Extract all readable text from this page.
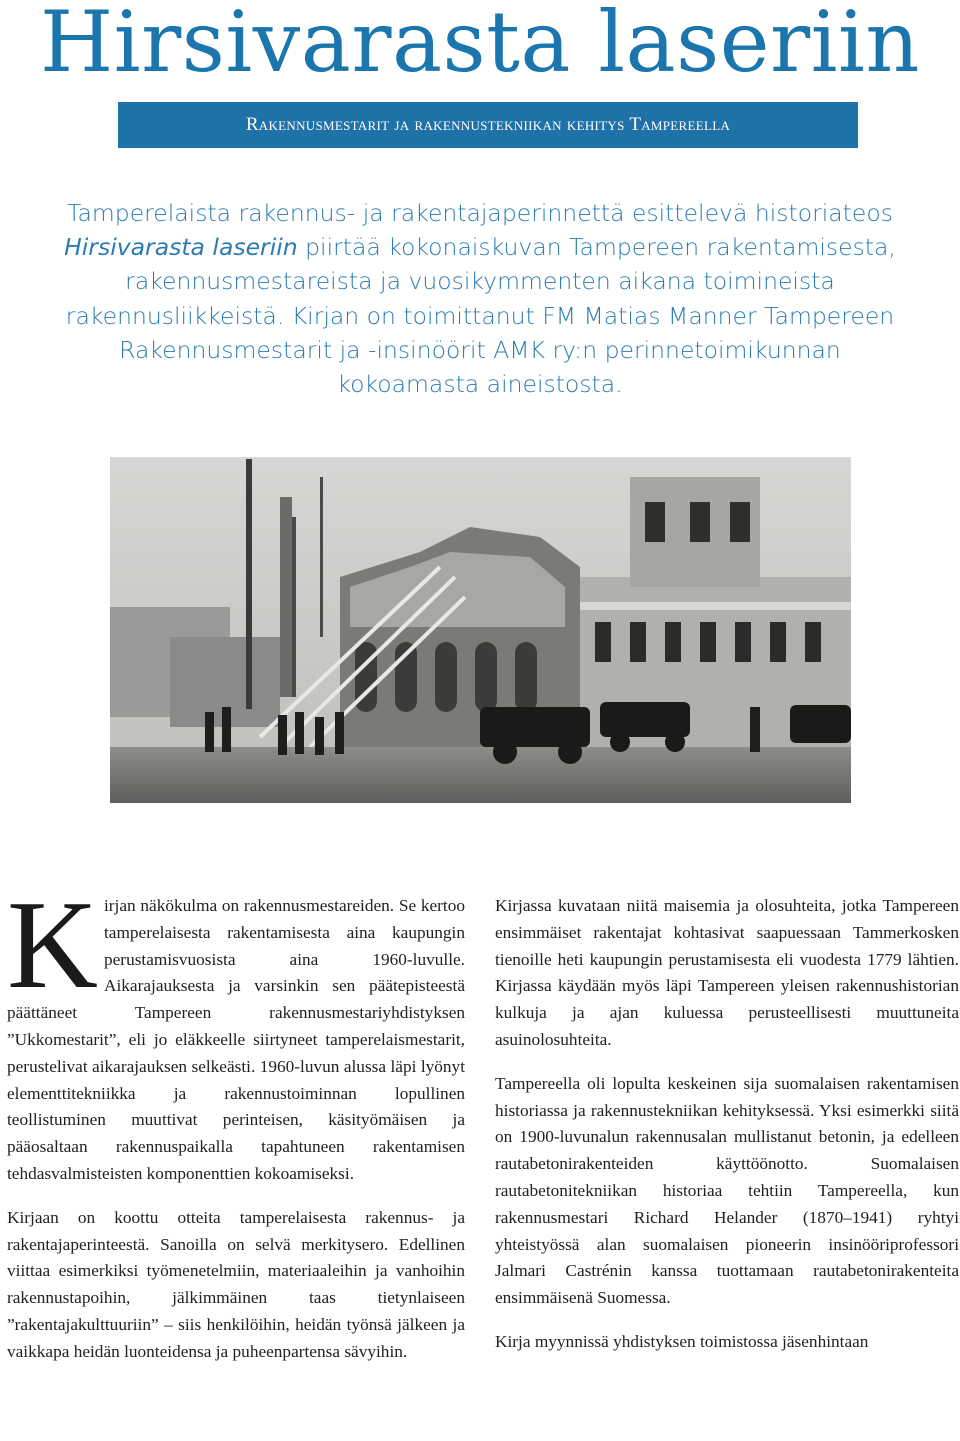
Hirsivarasta laseriin
Rakennusmestarit ja rakennustekniikan kehitys Tampereella

Tamperelaista rakennus- ja rakentajaperinnettä esittelevä historiateos Hirsivarasta laseriin piirtää kokonaiskuvan Tampereen rakentamisesta, rakennusmestareista ja vuosikymmenten aikana toimineista rakennusliikkeistä. Kirjan on toimittanut FM Matias Manner Tampereen Rakennusmestarit ja -insinöörit AMK ry:n perinnetoimikunnan kokoamasta aineistosta.

Kirjan näkökulma on rakennusmestareiden. Se kertoo tamperelaisesta rakentamisesta aina kaupungin perustamisvuosista aina 1960-luvulle. Aikarajauksesta ja varsinkin sen päätepisteestä päättäneet Tampereen rakennusmestariyhdistyksen ”Ukkomestarit”, eli jo eläkkeelle siirtyneet tamperelaismestarit, perustelivat aikarajauksen selkeästi. 1960-luvun alussa läpi lyönyt elementtitekniikka ja rakennustoiminnan lopullinen teollistuminen muuttivat perinteisen, käsityömäisen ja pääosaltaan rakennuspaikalla tapahtuneen rakentamisen tehdasvalmisteisten komponenttien kokoamiseksi.

Kirjaan on koottu otteita tamperelaisesta rakennus- ja rakentajaperinteestä. Sanoilla on selvä merkitysero. Edellinen viittaa esimerkiksi työmenetelmiin, materiaaleihin ja vanhoihin rakennustapoihin, jälkimmäinen taas tietynlaiseen ”rakentajakulttuuriin” – siis henkilöihin, heidän työnsä jälkeen ja vaikkapa heidän luonteidensa ja puheenpartensa sävyihin.

Kirjassa kuvataan niitä maisemia ja olosuhteita, jotka Tampereen ensimmäiset rakentajat kohtasivat saapuessaan Tammerkosken tienoille heti kaupungin perustamisesta eli vuodesta 1779 lähtien. Kirjassa käydään myös läpi Tampereen yleisen rakennushistorian kulkuja ja ajan kuluessa perusteellisesti muuttuneita asuinolosuhteita.

Tampereella oli lopulta keskeinen sija suomalaisen rakentamisen historiassa ja rakennustekniikan kehityksessä. Yksi esimerkki siitä on 1900-luvunalun rakennusalan mullistanut betonin, ja edelleen rautabetonirakenteiden käyttöönotto. Suomalaisen rautabetonitekniikan historiaa tehtiin Tampereella, kun rakennusmestari Richard Helander (1870–1941) ryhtyi yhteistyössä alan suomalaisen pioneerin insinööriprofessori Jalmari Castrénin kanssa tuottamaan rautabetonirakenteita ensimmäisenä Suomessa.

Kirja myynnissä yhdistyksen toimistossa jäsenhintaan
